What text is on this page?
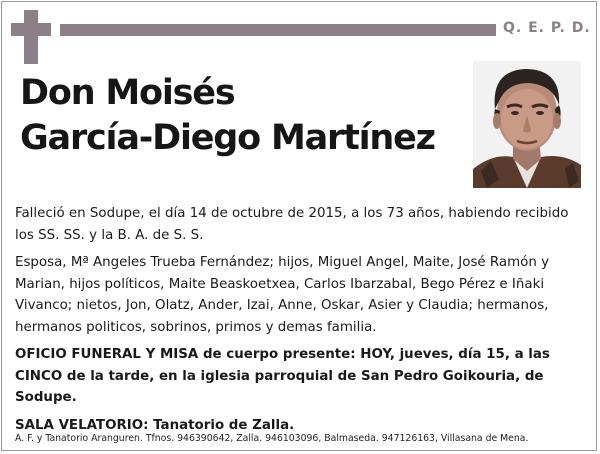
Q. E. P. D.
Don Moisés
García-Diego Martínez

Falleció en Sodupe, el día 14 de octubre de 2015, a los 73 años, habiendo recibido los SS. SS. y la B. A. de S. S.

Esposa, Mª Angeles Trueba Fernández; hijos, Miguel Angel, Maite, José Ramón y Marian, hijos políticos, Maite Beaskoetxea, Carlos Ibarzabal, Bego Pérez e Iñaki Vivanco; nietos, Jon, Olatz, Ander, Izai, Anne, Oskar, Asier y Claudia; hermanos, hermanos politicos, sobrinos, primos y demas familia.

OFICIO FUNERAL Y MISA de cuerpo presente: HOY, jueves, día 15, a las CINCO de la tarde, en la iglesia parroquial de San Pedro Goikouria, de Sodupe.

SALA VELATORIO: Tanatorio de Zalla.

A. F. y Tanatorio Aranguren. Tfnos. 946390642, Zalla. 946103096, Balmaseda. 947126163, Villasana de Mena.
